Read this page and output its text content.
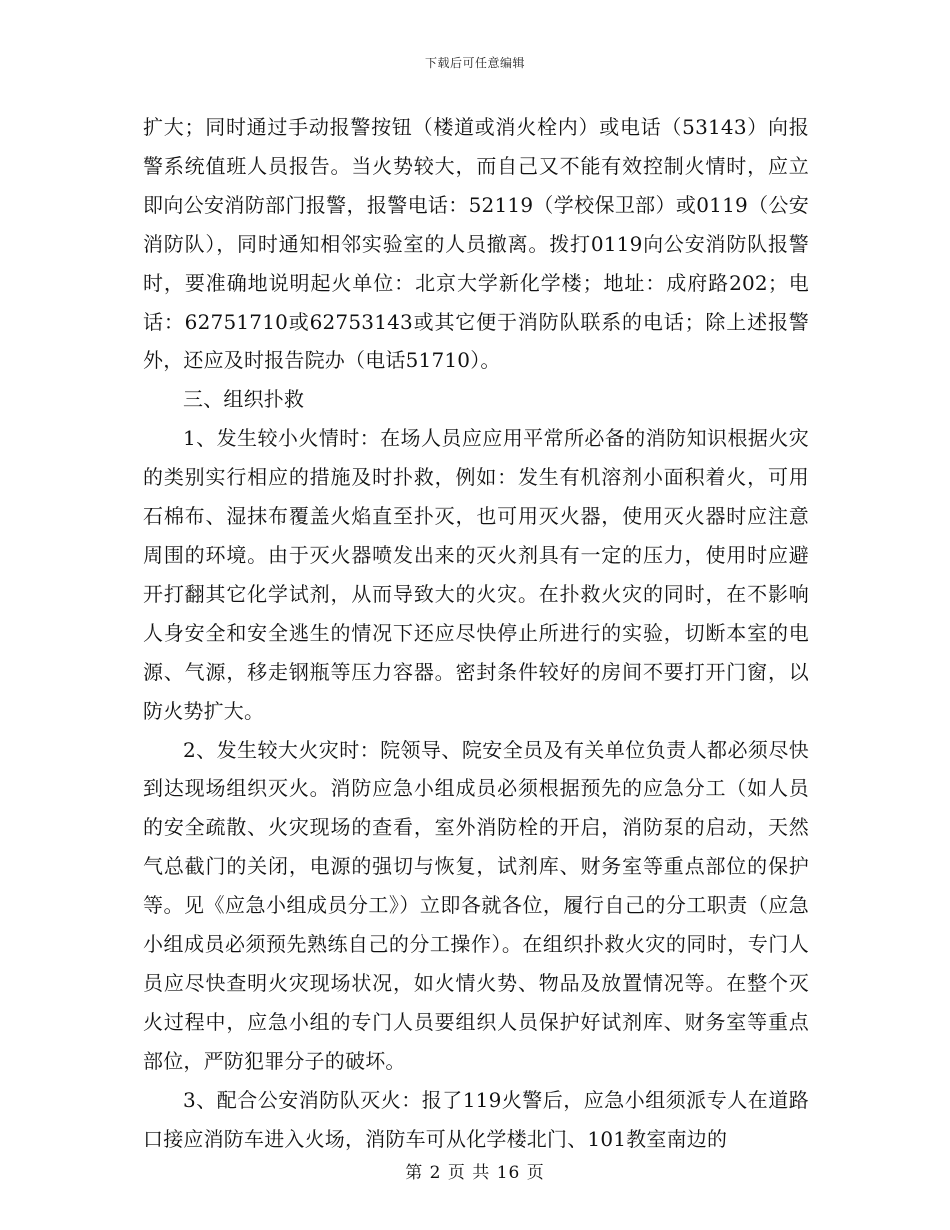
下载后可任意编辑

扩大；同时通过手动报警按钮（楼道或消火栓内）或电话（53143）向报警系统值班人员报告。当火势较大，而自己又不能有效控制火情时，应立即向公安消防部门报警，报警电话：52119（学校保卫部）或0119（公安消防队），同时通知相邻实验室的人员撤离。拨打0119向公安消防队报警时，要准确地说明起火单位：北京大学新化学楼；地址：成府路202；电话：62751710或62753143或其它便于消防队联系的电话；除上述报警外，还应及时报告院办（电话51710）。

三、组织扑救

1、发生较小火情时：在场人员应应用平常所必备的消防知识根据火灾的类别实行相应的措施及时扑救，例如：发生有机溶剂小面积着火，可用石棉布、湿抹布覆盖火焰直至扑灭，也可用灭火器，使用灭火器时应注意周围的环境。由于灭火器喷发出来的灭火剂具有一定的压力，使用时应避开打翻其它化学试剂，从而导致大的火灾。在扑救火灾的同时，在不影响人身安全和安全逃生的情况下还应尽快停止所进行的实验，切断本室的电源、气源，移走钢瓶等压力容器。密封条件较好的房间不要打开门窗，以防火势扩大。

2、发生较大火灾时：院领导、院安全员及有关单位负责人都必须尽快到达现场组织灭火。消防应急小组成员必须根据预先的应急分工（如人员的安全疏散、火灾现场的查看，室外消防栓的开启，消防泵的启动，天然气总截门的关闭，电源的强切与恢复，试剂库、财务室等重点部位的保护等。见《应急小组成员分工》）立即各就各位，履行自己的分工职责（应急小组成员必须预先熟练自己的分工操作）。在组织扑救火灾的同时，专门人员应尽快查明火灾现场状况，如火情火势、物品及放置情况等。在整个灭火过程中，应急小组的专门人员要组织人员保护好试剂库、财务室等重点部位，严防犯罪分子的破坏。

3、配合公安消防队灭火：报了119火警后，应急小组须派专人在道路口接应消防车进入火场，消防车可从化学楼北门、101教室南边的

第 2 页 共 16 页
